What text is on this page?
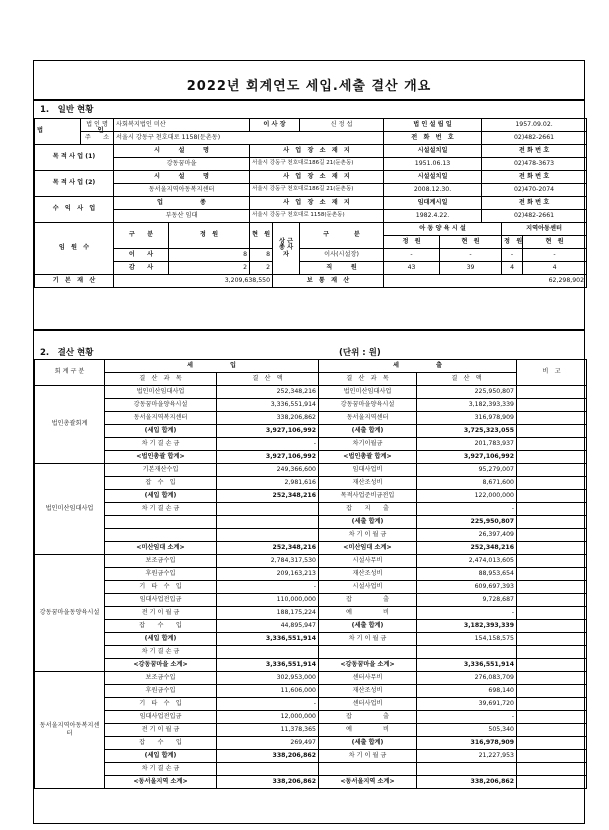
2022년 회계연도 세입.세출 결산 개요
1.　일반 현황
법　　　　　　인	법 인 명	사회복지법인 미산		이 사 장		신 정 섭	법 인 설 립 일		1957.09.02.		
	주　　소	서울시 강동구 천호대로 1158(둔촌동)					전　화　번　호		02)482-2661		
목 적 사 업 (1)		시　　　설　　　명		사　업　장　소　재　지			시설설치일		전 화 번 호		
		강동꿈마을		서울시 강동구 천호대로186길 21(둔촌동)			1951.06.13		02)478-3673		
목 적 사 업 (2)		시　　　설　　　명		사　업　장　소　재　지			시설설치일		전 화 번 호		
		동서울지역아동복지센터		서울시 강동구 천호대로186길 21(둔촌동)			2008.12.30.		02)470-2074		
수　익　사　업		업　　　　　　종		사　업　장　소　재　지			임대계시일		전 화 번 호		
		부동산 임대		서울시 강동구 천호대로 1158(둔촌동)			1982.4.22.		02)482-2661		
임　원　수		구　　분	정　원	현　원	상 근 종 사 자	구　　　　분	아 동 양 육 시 설			지역아동센터	
							정　원	현　원		정　원	현　원
		이　　사	8	8		이사(시설장)	-	-		-	-
		감　　사	2	2		직　　　원	43	39		4	4
기　본　재　산		3,209,638,550			보　통　재　산		62,298,902				
2.　결산 현황	(단위 : 원)
회 계 구 분	세　　　　　　입		세　　　　　　출		비　고
	결　산　과　목	결　산　액	결　산　과　목	결　산　액	
법인총괄회계	법인미산임대사업	252,348,216	법인미산임대사업	225,950,807	
	강동꿈마을양육시설	3,336,551,914	강동꿈마을양육시설	3,182,393,339	
	동서울지역복지센터	338,206,862	동서울지역센터	316,978,909	
	(세입 합계)	3,927,106,992	(세출 합계)	3,725,323,055	
	차 기 결 손 금	-	차기이월금	201,783,937	
	<법인총괄 합계>	3,927,106,992	<법인총괄 합계>	3,927,106,992	
법인미산임대사업	기본재산수입	249,366,600	임대사업비	95,279,007	
	잡　수　입	2,981,616	재산조성비	8,671,600	
	(세입 합계)	252,348,216	목적사업준비금전입	122,000,000	
	차 기 결 손 금		잡　　지　　출	-	
			(세출 합계)	225,950,807	
			차 기 이 월 금	26,397,409	
	<미산임대 소계>	252,348,216	<미산임대 소계>	252,348,216	
강동꿈마을동양육시설	보조금수입	2,784,317,530	시설사무비	2,474,013,605	
	후원금수입	209,163,213	재산조성비	88,953,654	
	기　타　수　입	-	시설사업비	609,697,393	
	임대사업전입금	110,000,000	잡　　　　　출	9,728,687	
	전 기 이 월 금	188,175,224	예　　　　　비	-	
	잡　　수　　입	44,895,947	(세출 합계)	3,182,393,339	
	(세입 합계)	3,336,551,914	차 기 이 월 금	154,158,575	
	차 기 결 손 금				
	<강동꿈마을 소계>	3,336,551,914	<강동꿈마을 소계>	3,336,551,914	
동서울지역아동복지센터	보조금수입	302,953,000	센터사무비	276,083,709	
	후원금수입	11,606,000	재산조성비	698,140	
	기　타　수　입	-	센터사업비	39,691,720	
	임대사업전입금	12,000,000	잡　　　　　출	-	
	전 기 이 월 금	11,378,365	예　　　　　비	505,340	
	잡　　수　　입	269,497	(세출 합계)	316,978,909	
	(세입 합계)	338,206,862	차 기 이 월 금	21,227,953	
	차 기 결 손 금				
	<동서울지역 소계>	338,206,862	<동서울지역 소계>	338,206,862	
